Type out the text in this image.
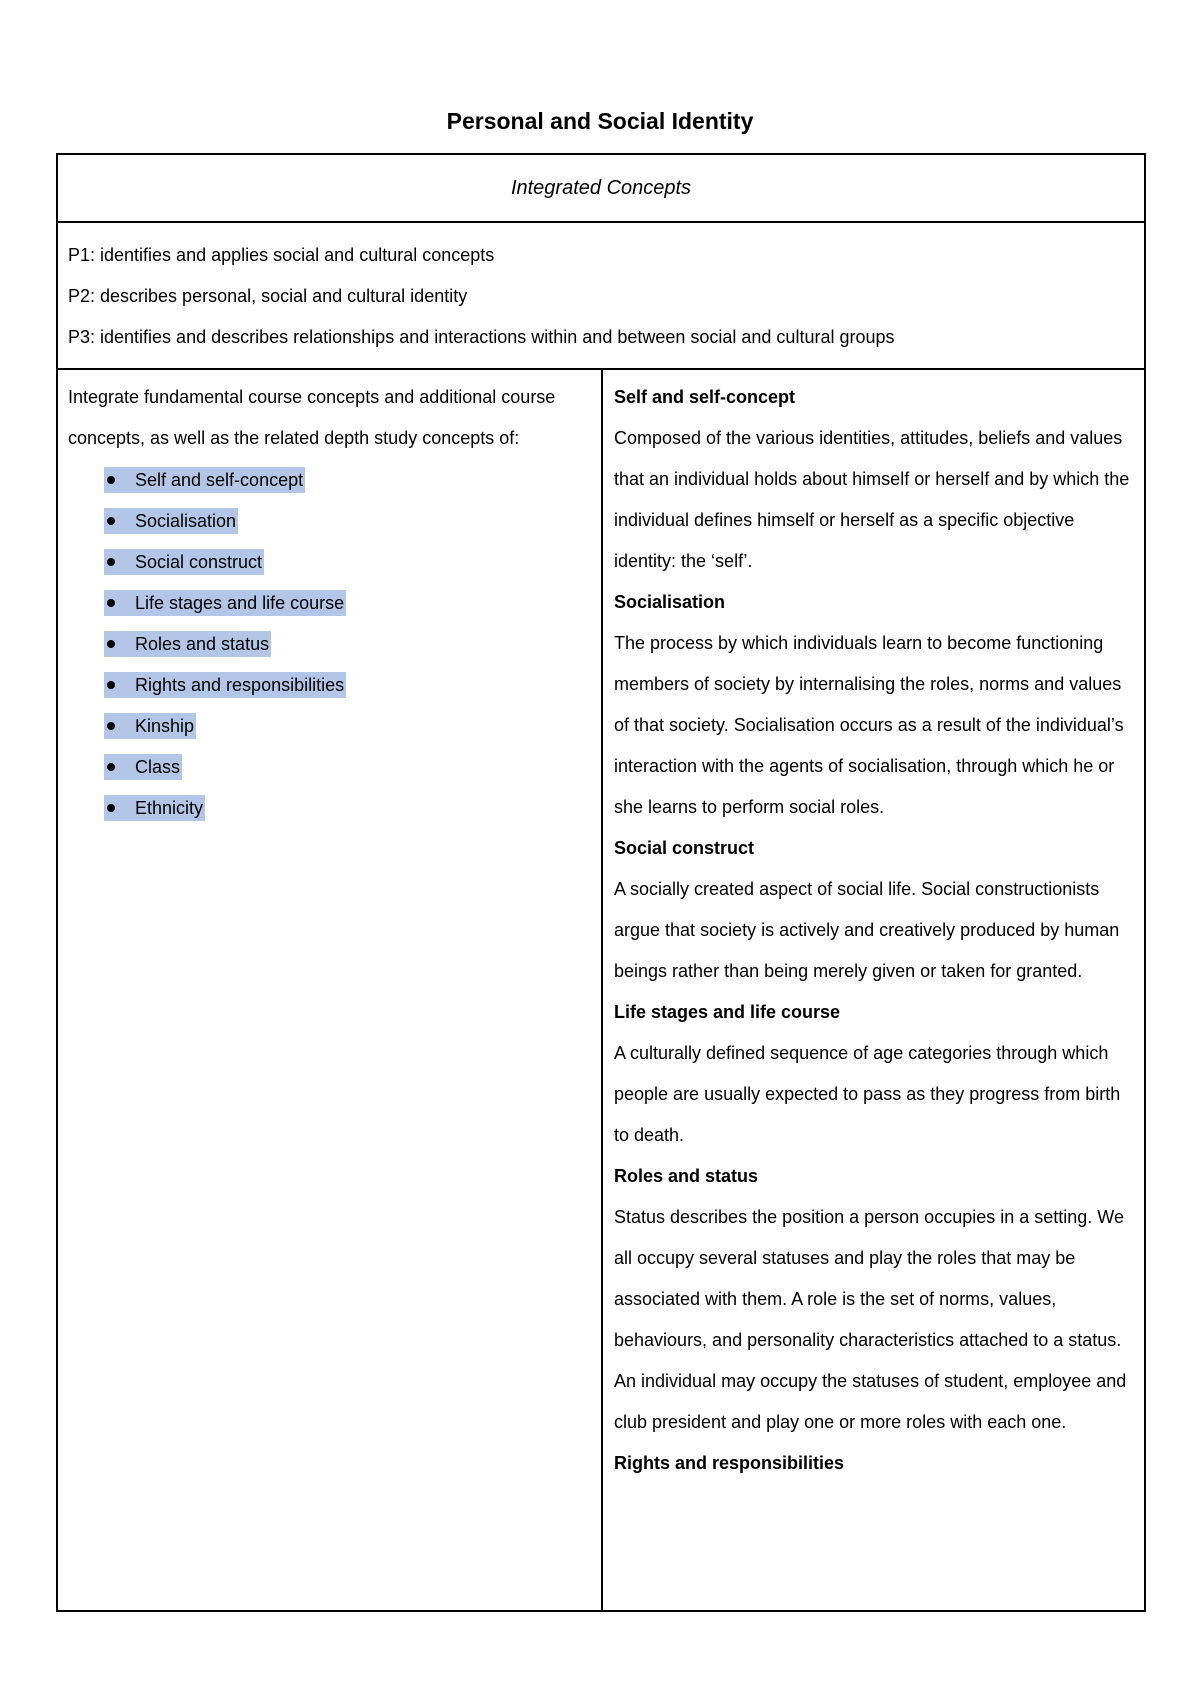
Personal and Social Identity
Integrated Concepts

P1: identifies and applies social and cultural concepts

P2: describes personal, social and cultural identity

P3: identifies and describes relationships and interactions within and between social and cultural groups

Integrate fundamental course concepts and additional course concepts, as well as the related depth study concepts of:

Self and self-concept
Socialisation
Social construct
Life stages and life course
Roles and status
Rights and responsibilities
Kinship
Class
Ethnicity

Self and self-concept

Composed of the various identities, attitudes, beliefs and values that an individual holds about himself or herself and by which the individual defines himself or herself as a specific objective identity: the ‘self’.

Socialisation

The process by which individuals learn to become functioning members of society by internalising the roles, norms and values of that society. Socialisation occurs as a result of the individual’s interaction with the agents of socialisation, through which he or she learns to perform social roles.

Social construct

A socially created aspect of social life. Social constructionists argue that society is actively and creatively produced by human beings rather than being merely given or taken for granted.

Life stages and life course

A culturally defined sequence of age categories through which people are usually expected to pass as they progress from birth to death.

Roles and status

Status describes the position a person occupies in a setting. We all occupy several statuses and play the roles that may be associated with them. A role is the set of norms, values, behaviours, and personality characteristics attached to a status. An individual may occupy the statuses of student, employee and club president and play one or more roles with each one.

Rights and responsibilities
